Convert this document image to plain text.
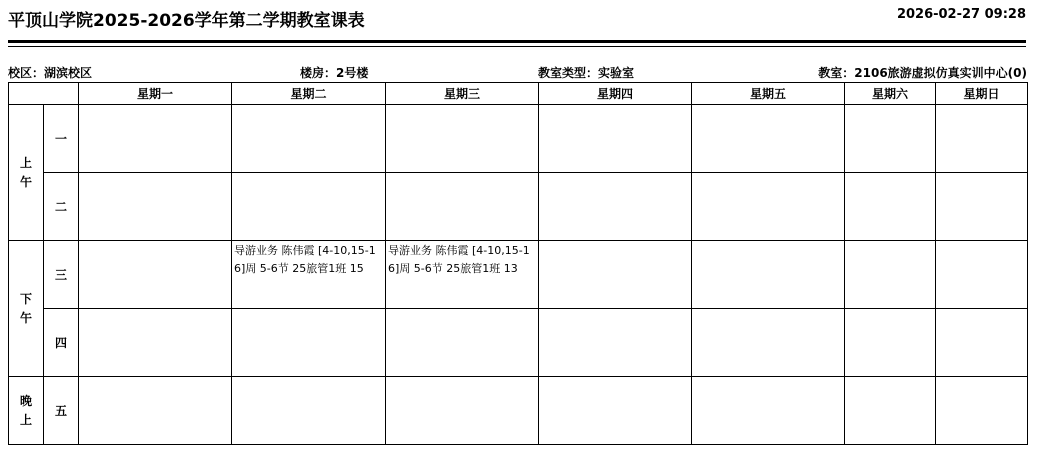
平顶山学院2025-2026学年第二学期教室课表	2026-02-27 09:28
校区：湖滨校区	楼房：2号楼	教室类型：实验室	教室：2106旅游虚拟仿真实训中心(0)
		星期一	星期二	星期三	星期四	星期五	星期六	星期日

上
午	一							
	二							

下
午	三		导游业务 陈伟霞 [4-10,15-16]周 5-6节 25旅管1班 15	导游业务 陈伟霞 [4-10,15-16]周 5-6节 25旅管1班 13				

	四							

晚
上	五							
